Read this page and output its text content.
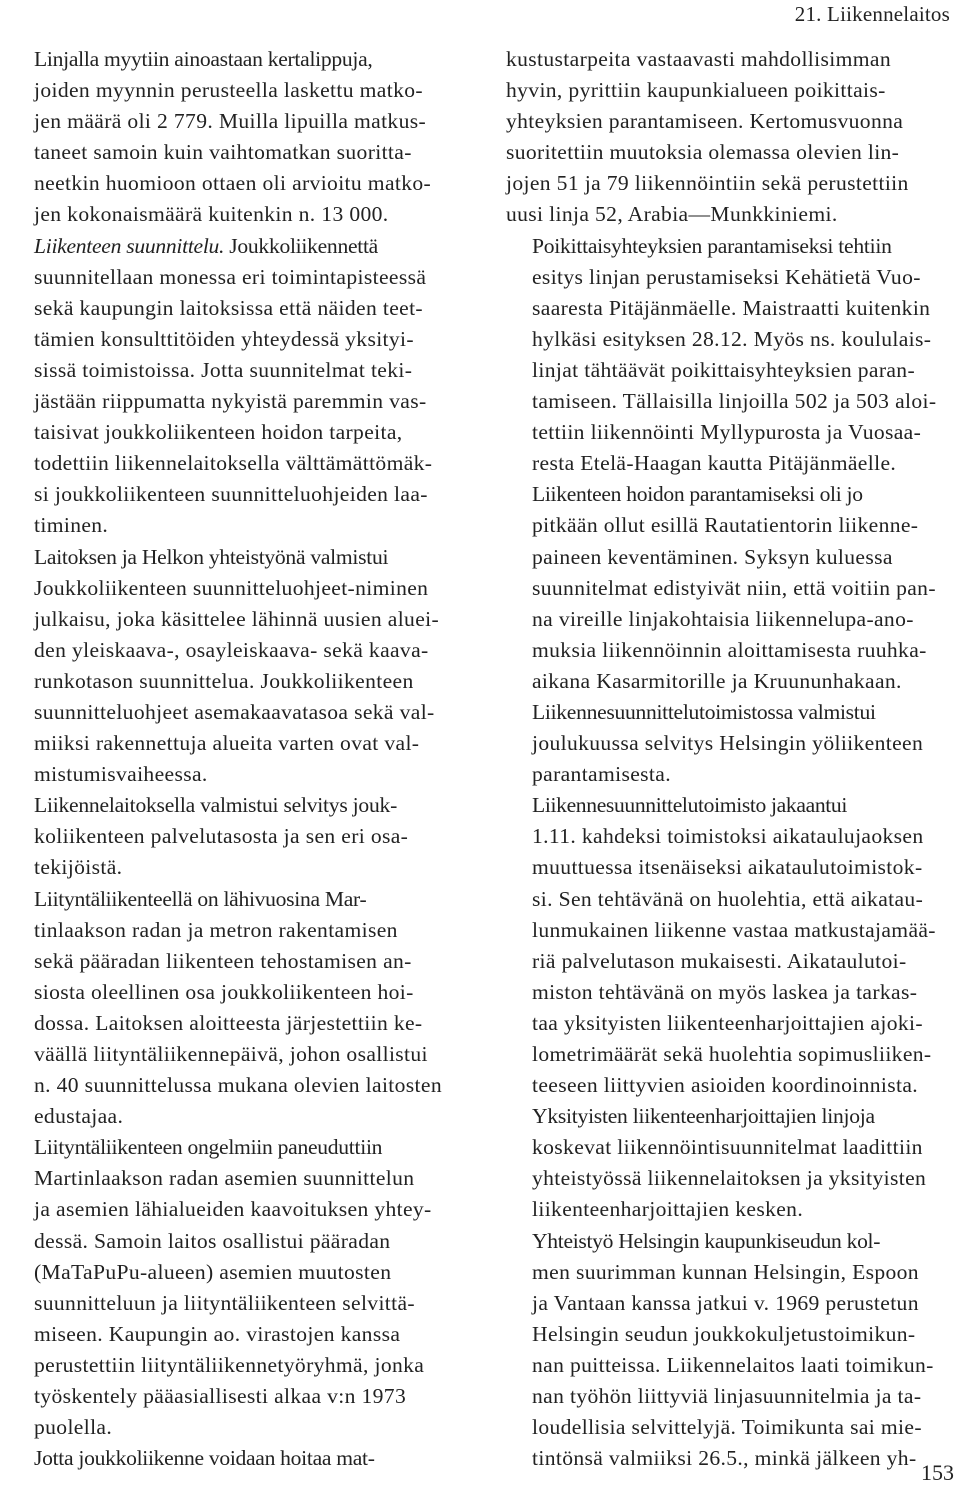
21. Liikennelaitos

Linjalla myytiin ainoastaan kertalippuja,
joiden myynnin perusteella laskettu matko-
jen määrä oli 2 779. Muilla lipuilla matkus-
taneet samoin kuin vaihtomatkan suoritta-
neetkin huomioon ottaen oli arvioitu matko-
jen kokonaismäärä kuitenkin n. 13 000.

Liikenteen suunnittelu. Joukkoliikennettä
suunnitellaan monessa eri toimintapisteessä
sekä kaupungin laitoksissa että näiden teet-
tämien konsulttitöiden yhteydessä yksityi-
sissä toimistoissa. Jotta suunnitelmat teki-
jästään riippumatta nykyistä paremmin vas-
taisivat joukkoliikenteen hoidon tarpeita,
todettiin liikennelaitoksella välttämättömäk-
si joukkoliikenteen suunnitteluohjeiden laa-
timinen.

Laitoksen ja Helkon yhteistyönä valmistui
Joukkoliikenteen suunnitteluohjeet-niminen
julkaisu, joka käsittelee lähinnä uusien aluei-
den yleiskaava-, osayleiskaava- sekä kaava-
runkotason suunnittelua. Joukkoliikenteen
suunnitteluohjeet asemakaavatasoa sekä val-
miiksi rakennettuja alueita varten ovat val-
mistumisvaiheessa.

Liikennelaitoksella valmistui selvitys jouk-
koliikenteen palvelutasosta ja sen eri osa-
tekijöistä.

Liityntäliikenteellä on lähivuosina Mar-
tinlaakson radan ja metron rakentamisen
sekä pääradan liikenteen tehostamisen an-
siosta oleellinen osa joukkoliikenteen hoi-
dossa. Laitoksen aloitteesta järjestettiin ke-
väällä liityntäliikennepäivä, johon osallistui
n. 40 suunnittelussa mukana olevien laitosten
edustajaa.

Liityntäliikenteen ongelmiin paneuduttiin
Martinlaakson radan asemien suunnittelun
ja asemien lähialueiden kaavoituksen yhtey-
dessä. Samoin laitos osallistui pääradan
(MaTaPuPu-alueen) asemien muutosten
suunnitteluun ja liityntäliikenteen selvittä-
miseen. Kaupungin ao. virastojen kanssa
perustettiin liityntäliikennetyöryhmä, jonka
työskentely pääasiallisesti alkaa v:n 1973
puolella.

Jotta joukkoliikenne voidaan hoitaa mat-

kustustarpeita vastaavasti mahdollisimman
hyvin, pyrittiin kaupunkialueen poikittais-
yhteyksien parantamiseen. Kertomusvuonna
suoritettiin muutoksia olemassa olevien lin-
jojen 51 ja 79 liikennöintiin sekä perustettiin
uusi linja 52, Arabia—Munkkiniemi.

Poikittaisyhteyksien parantamiseksi tehtiin
esitys linjan perustamiseksi Kehätietä Vuo-
saaresta Pitäjänmäelle. Maistraatti kuitenkin
hylkäsi esityksen 28.12. Myös ns. koululais-
linjat tähtäävät poikittaisyhteyksien paran-
tamiseen. Tällaisilla linjoilla 502 ja 503 aloi-
tettiin liikennöinti Myllypurosta ja Vuosaa-
resta Etelä-Haagan kautta Pitäjänmäelle.

Liikenteen hoidon parantamiseksi oli jo
pitkään ollut esillä Rautatientorin liikenne-
paineen keventäminen. Syksyn kuluessa
suunnitelmat edistyivät niin, että voitiin pan-
na vireille linjakohtaisia liikennelupa-ano-
muksia liikennöinnin aloittamisesta ruuhka-
aikana Kasarmitorille ja Kruununhakaan.

Liikennesuunnittelutoimistossa valmistui
joulukuussa selvitys Helsingin yöliikenteen
parantamisesta.

Liikennesuunnittelutoimisto jakaantui
1.11. kahdeksi toimistoksi aikataulujaoksen
muuttuessa itsenäiseksi aikataulutoimistok-
si. Sen tehtävänä on huolehtia, että aikatau-
lunmukainen liikenne vastaa matkustajamää-
riä palvelutason mukaisesti. Aikataulutoi-
miston tehtävänä on myös laskea ja tarkas-
taa yksityisten liikenteenharjoittajien ajoki-
lometrimäärät sekä huolehtia sopimusliiken-
teeseen liittyvien asioiden koordinoinnista.

Yksityisten liikenteenharjoittajien linjoja
koskevat liikennöintisuunnitelmat laadittiin
yhteistyössä liikennelaitoksen ja yksityisten
liikenteenharjoittajien kesken.

Yhteistyö Helsingin kaupunkiseudun kol-
men suurimman kunnan Helsingin, Espoon
ja Vantaan kanssa jatkui v. 1969 perustetun
Helsingin seudun joukkokuljetustoimikun-
nan puitteissa. Liikennelaitos laati toimikun-
nan työhön liittyviä linjasuunnitelmia ja ta-
loudellisia selvittelyjä. Toimikunta sai mie-
tintönsä valmiiksi 26.5., minkä jälkeen yh-

153
